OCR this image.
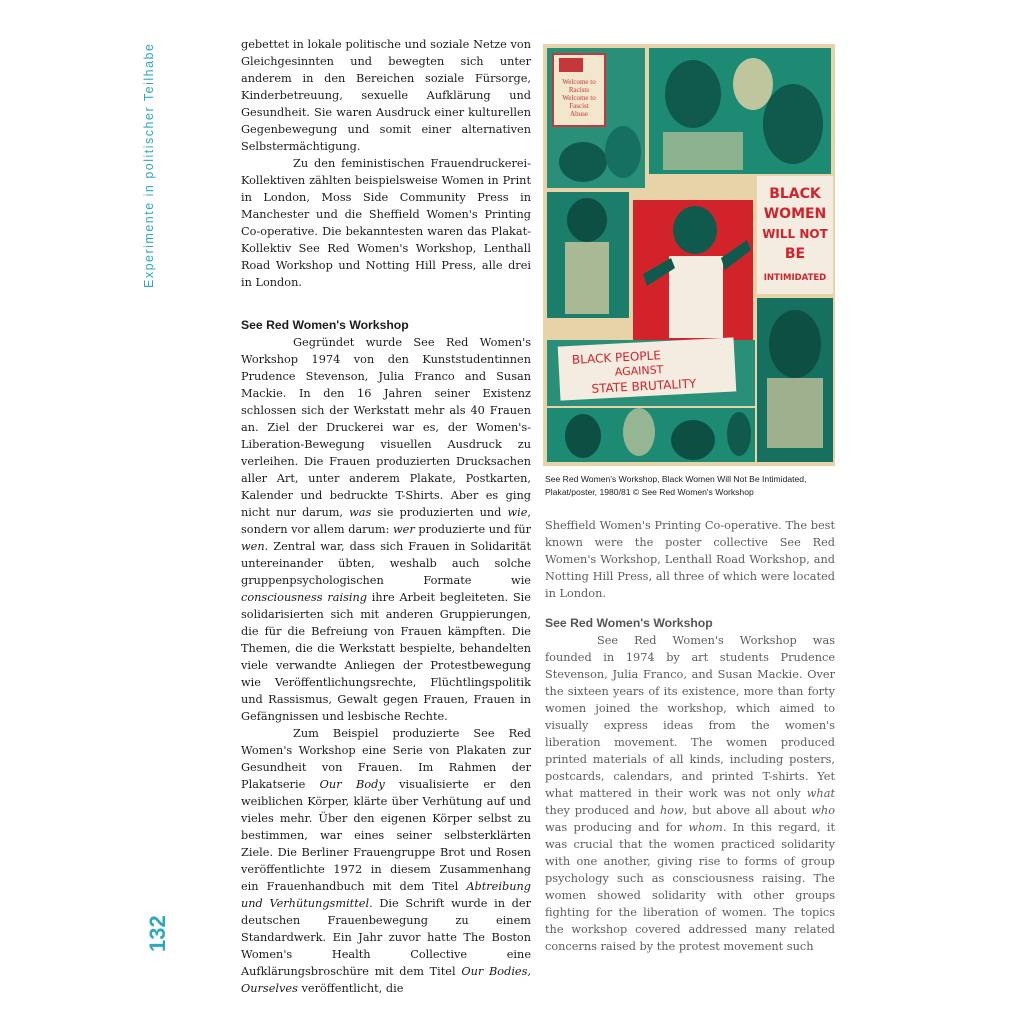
Experimente in politischer Teilhabe
132

gebettet in lokale politische und soziale Netze von Gleichgesinnten und bewegten sich unter anderem in den Bereichen soziale Fürsorge, Kinderbetreuung, sexuelle Aufklärung und Gesundheit. Sie waren Ausdruck einer kulturellen Gegenbewegung und somit einer alternativen Selbstermächtigung.

Zu den feministischen Frauendruckerei-Kollektiven zählten beispielsweise Women in Print in London, Moss Side Community Press in Manchester und die Sheffield Women's Printing Co-operative. Die bekanntesten waren das Plakat-Kollektiv See Red Women's Workshop, Lenthall Road Workshop und Notting Hill Press, alle drei in London.

See Red Women's Workshop

Gegründet wurde See Red Women's Workshop 1974 von den Kunststudentinnen Prudence Stevenson, Julia Franco and Susan Mackie. In den 16 Jahren seiner Existenz schlossen sich der Werkstatt mehr als 40 Frauen an. Ziel der Druckerei war es, der Women's-Liberation-Bewegung visuellen Ausdruck zu verleihen. Die Frauen produzierten Drucksachen aller Art, unter anderem Plakate, Postkarten, Kalender und bedruckte T-Shirts. Aber es ging nicht nur darum, was sie produzierten und wie, sondern vor allem darum: wer produzierte und für wen. Zentral war, dass sich Frauen in Solidarität untereinander übten, weshalb auch solche gruppenpsychologischen Formate wie consciousness raising ihre Arbeit begleiteten. Sie solidarisierten sich mit anderen Gruppierungen, die für die Befreiung von Frauen kämpften. Die Themen, die die Werkstatt bespielte, behandelten viele verwandte Anliegen der Protestbewegung wie Veröffentlichungsrechte, Flüchtlingspolitik und Rassismus, Gewalt gegen Frauen, Frauen in Gefängnissen und lesbische Rechte.

Zum Beispiel produzierte See Red Women's Workshop eine Serie von Plakaten zur Gesundheit von Frauen. Im Rahmen der Plakatserie Our Body visualisierte er den weiblichen Körper, klärte über Verhütung auf und vieles mehr. Über den eigenen Körper selbst zu bestimmen, war eines seiner selbsterklärten Ziele. Die Berliner Frauengruppe Brot und Rosen veröffentlichte 1972 in diesem Zusammenhang ein Frauenhandbuch mit dem Titel Abtreibung und Verhütungsmittel. Die Schrift wurde in der deutschen Frauenbewegung zu einem Standardwerk. Ein Jahr zuvor hatte The Boston Women's Health Collective eine Aufklärungsbroschüre mit dem Titel Our Bodies, Ourselves veröffentlicht, die

Welcome to
Racists
Welcome to
Fascist
Abuse
BLACK
WOMEN
WILL NOT
BE
INTIMIDATED
BLACK PEOPLE
AGAINST
STATE BRUTALITY
See Red Women's Workshop, Black Women Will Not Be Intimidated,
Plakat/poster, 1980/81 © See Red Women's Workshop

Sheffield Women's Printing Co-operative. The best known were the poster collective See Red Women's Workshop, Lenthall Road Workshop, and Notting Hill Press, all three of which were located in London.

See Red Women's Workshop

See Red Women's Workshop was founded in 1974 by art students Prudence Stevenson, Julia Franco, and Susan Mackie. Over the sixteen years of its existence, more than forty women joined the workshop, which aimed to visually express ideas from the women's liberation movement. The women produced printed materials of all kinds, including posters, postcards, calendars, and printed T-shirts. Yet what mattered in their work was not only what they produced and how, but above all about who was producing and for whom. In this regard, it was crucial that the women practiced solidarity with one another, giving rise to forms of group psychology such as consciousness raising. The women showed solidarity with other groups fighting for the liberation of women. The topics the workshop covered addressed many related concerns raised by the protest movement such
